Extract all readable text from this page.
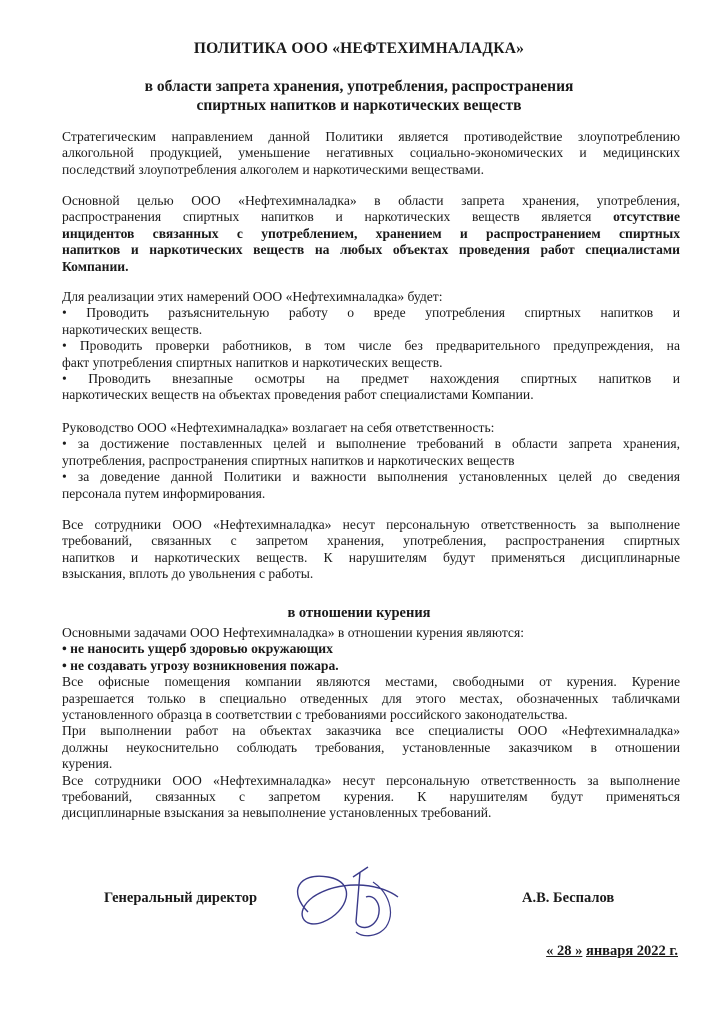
ПОЛИТИКА ООО «НЕФТЕХИМНАЛАДКА»
в области запрета хранения, употребления, распространения
спиртных напитков и наркотических веществ
Стратегическим направлением данной Политики является противодействие злоупотреблению
алкогольной продукцией, уменьшение негативных социально-экономических и медицинских
последствий злоупотребления алкоголем и наркотическими веществами.
Основной целью ООО «Нефтехимналадка» в области запрета хранения, употребления,
распространения спиртных напитков и наркотических веществ является отсутствие
инцидентов связанных с употреблением, хранением и распространением спиртных
напитков и наркотических веществ на любых объектах проведения работ специалистами
Компании.
Для реализации этих намерений ООО «Нефтехимналадка» будет:
• Проводить разъяснительную работу о вреде употребления спиртных напитков и
наркотических веществ.
• Проводить проверки работников, в том числе без предварительного предупреждения, на
факт употребления спиртных напитков и наркотических веществ.
• Проводить внезапные осмотры на предмет нахождения спиртных напитков и
наркотических веществ на объектах проведения работ специалистами Компании.
Руководство ООО «Нефтехимналадка» возлагает на себя ответственность:
• за достижение поставленных целей и выполнение требований в области запрета хранения,
употребления, распространения спиртных напитков и наркотических веществ
• за доведение данной Политики и важности выполнения установленных целей до сведения
персонала путем информирования.
Все сотрудники ООО «Нефтехимналадка» несут персональную ответственность за выполнение
требований, связанных с запретом хранения, употребления, распространения спиртных
напитков и наркотических веществ. К нарушителям будут применяться дисциплинарные
взыскания, вплоть до увольнения с работы.
в отношении курения
Основными задачами ООО Нефтехимналадка» в отношении курения являются:
• не наносить ущерб здоровью окружающих
• не создавать угрозу возникновения пожара.
Все офисные помещения компании являются местами, свободными от курения. Курение
разрешается только в специально отведенных для этого местах, обозначенных табличками
установленного образца в соответствии с требованиями российского законодательства.
При выполнении работ на объектах заказчика все специалисты ООО «Нефтехимналадка»
должны неукоснительно соблюдать требования, установленные заказчиком в отношении
курения.
Все сотрудники ООО «Нефтехимналадка» несут персональную ответственность за выполнение
требований, связанных с запретом курения. К нарушителям будут применяться
дисциплинарные взыскания за невыполнение установленных требований.
Генеральный директор	А.В. Беспалов
« 28 » января 2022 г.
